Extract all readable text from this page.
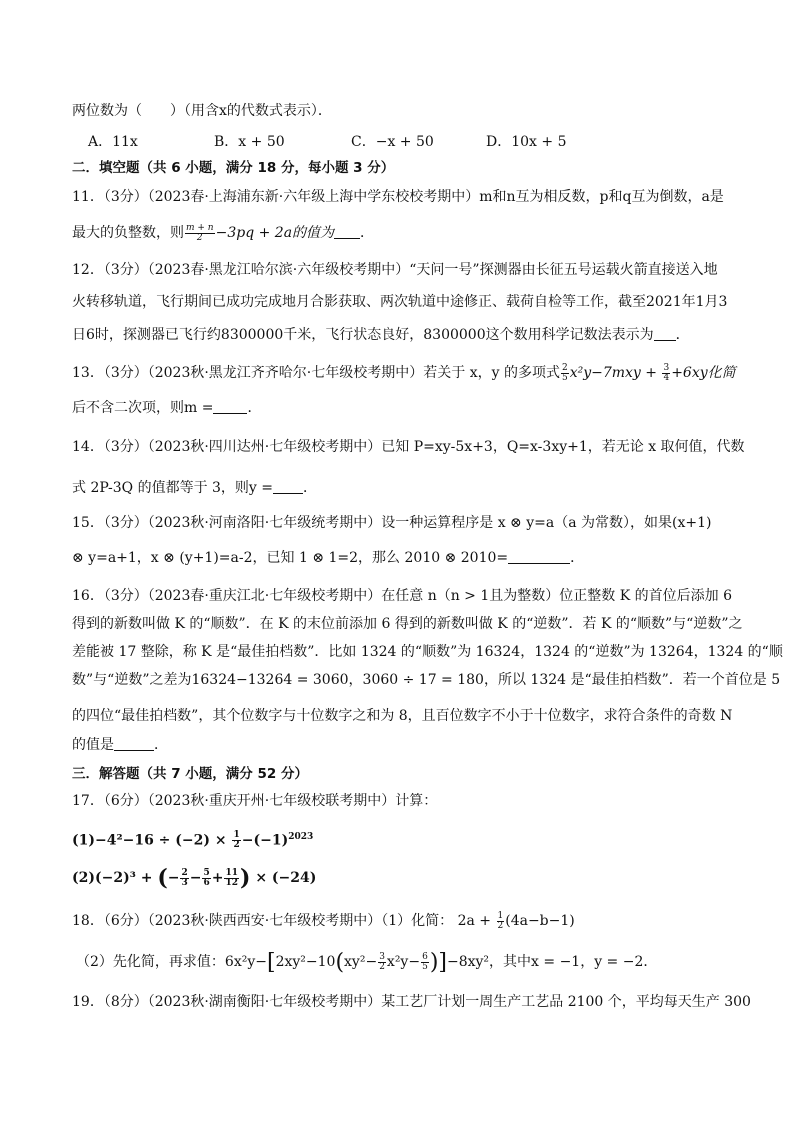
两位数为（　　）（用含x的代数式表示）．
A．11x	B．x + 50	C．−x + 50	D．10x + 5
二．填空题（共 6 小题，满分 18 分，每小题 3 分）
11．（3分）（2023春·上海浦东新·六年级上海中学东校校考期中）m和n互为相反数，p和q互为倒数，a是
最大的负整数，则 $\frac{m + n}{2} -3pq + 2a$的值为 ．
12．（3分）（2023春·黑龙江哈尔滨·六年级校考期中）“天问一号”探测器由长征五号运载火箭直接送入地
火转移轨道，飞行期间已成功完成地月合影获取、两次轨道中途修正、载荷自检等工作，截至2021年1月3
日6时，探测器已飞行约8300000千米，飞行状态良好，8300000这个数用科学记数法表示为 ．
13．（3分）（2023秋·黑龙江齐齐哈尔·七年级校考期中）若关于 x，y 的多项式 $\frac{2}{5} x^2y-7mxy + \frac{3}{4} +6xy$化简
后不含二次项，则m = ．
14．（3分）（2023秋·四川达州·七年级校考期中）已知 P=xy-5x+3，Q=x-3xy+1，若无论 x 取何值，代数
式 2P-3Q 的值都等于 3，则y = ．
15．（3分）（2023秋·河南洛阳·七年级统考期中）设一种运算程序是 x ⊗ y=a（a 为常数），如果(x+1)
⊗ y=a+1，x ⊗ (y+1)=a-2，已知 1 ⊗ 1=2，那么 2010 ⊗ 2010=	．
16．（3分）（2023春·重庆江北·七年级校考期中）在任意 n（n > 1且为整数）位正整数 K 的首位后添加 6
得到的新数叫做 K 的“顺数”．在 K 的末位前添加 6 得到的新数叫做 K 的“逆数”．若 K 的“顺数”与“逆数”之
差能被 17 整除，称 K 是“最佳拍档数”．比如 1324 的“顺数”为 16324，1324 的“逆数”为 13264，1324 的“顺
数”与“逆数”之差为16324−13264 = 3060，3060 ÷ 17 = 180，所以 1324 是“最佳拍档数”．若一个首位是 5
的四位“最佳拍档数”，其个位数字与十位数字之和为 8，且百位数字不小于十位数字，求符合条件的奇数 N
的值是	．
三．解答题（共 7 小题，满分 52 分）
17．（6分）（2023秋·重庆开州·七年级校联考期中）计算：
$(1)-4^2-16 \div (-2) \times \frac{1}{2} -(-1)^{2023}$
(2)(−2)³ + (− $\frac{2}{3} - \frac{5}{6} + \frac{11}{12}$ ) × (−24)
18．（6分）（2023秋·陕西西安·七年级校考期中）（1）化简： $2a + \frac{1}{2} (4a-b-1)$
（2）先化简，再求值：$6x^2y-[2xy^2-10(xy^2- \frac{3}{2} x^2y- \frac{6}{5} )]-8xy^2$，其中x = −1，y = −2．
19．（8分）（2023秋·湖南衡阳·七年级校考期中）某工艺厂计划一周生产工艺品 2100 个，平均每天生产 300
